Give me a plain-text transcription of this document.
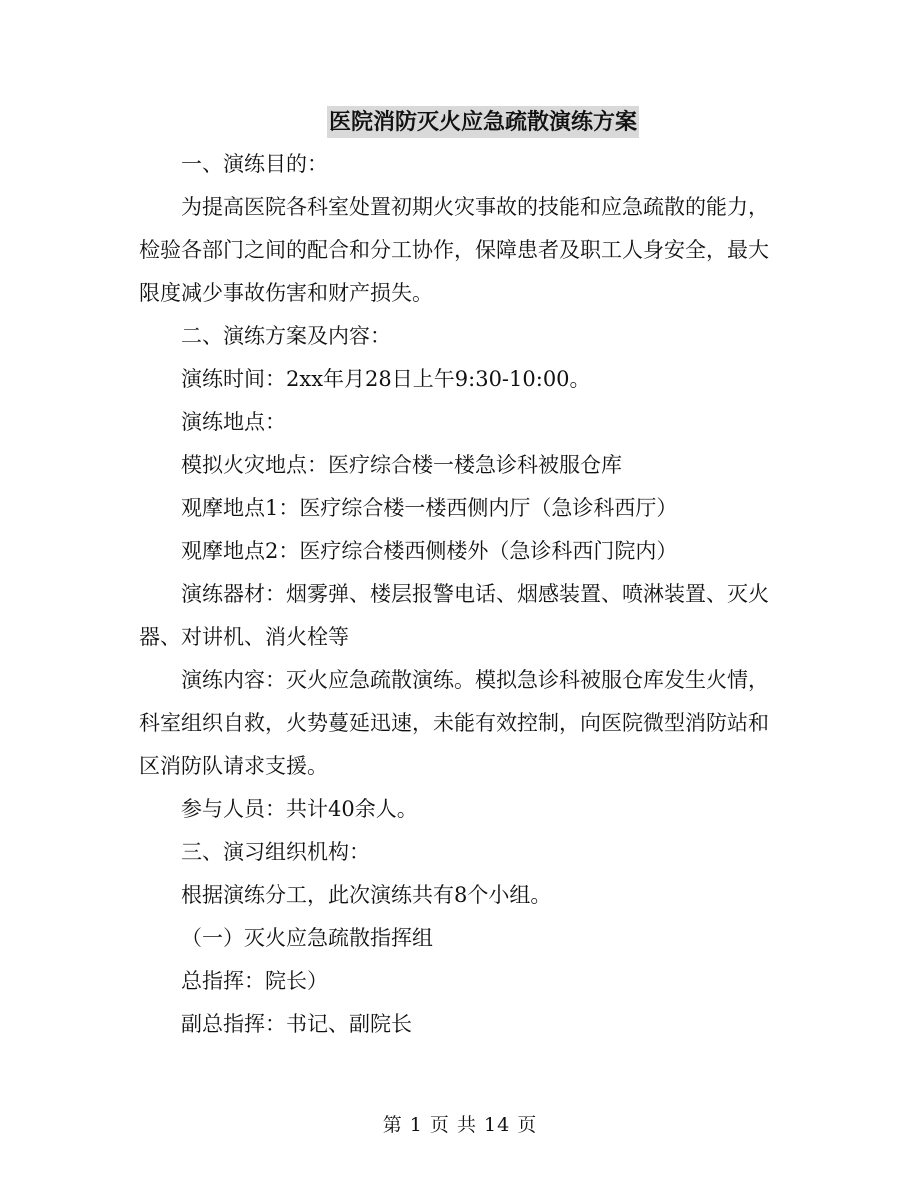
医院消防灭火应急疏散演练方案

一、演练目的：

为提高医院各科室处置初期火灾事故的技能和应急疏散的能力，检验各部门之间的配合和分工协作，保障患者及职工人身安全，最大限度减少事故伤害和财产损失。

二、演练方案及内容：

演练时间：2xx年月28日上午9:30-10:00。

演练地点：

模拟火灾地点：医疗综合楼一楼急诊科被服仓库

观摩地点1：医疗综合楼一楼西侧内厅（急诊科西厅）

观摩地点2：医疗综合楼西侧楼外（急诊科西门院内）

演练器材：烟雾弹、楼层报警电话、烟感装置、喷淋装置、灭火器、对讲机、消火栓等

演练内容：灭火应急疏散演练。模拟急诊科被服仓库发生火情，科室组织自救，火势蔓延迅速，未能有效控制，向医院微型消防站和区消防队请求支援。

参与人员：共计40余人。

三、演习组织机构：

根据演练分工，此次演练共有8个小组。

（一）灭火应急疏散指挥组

总指挥：院长）

副总指挥：书记、副院长

第 1 页 共 14 页
